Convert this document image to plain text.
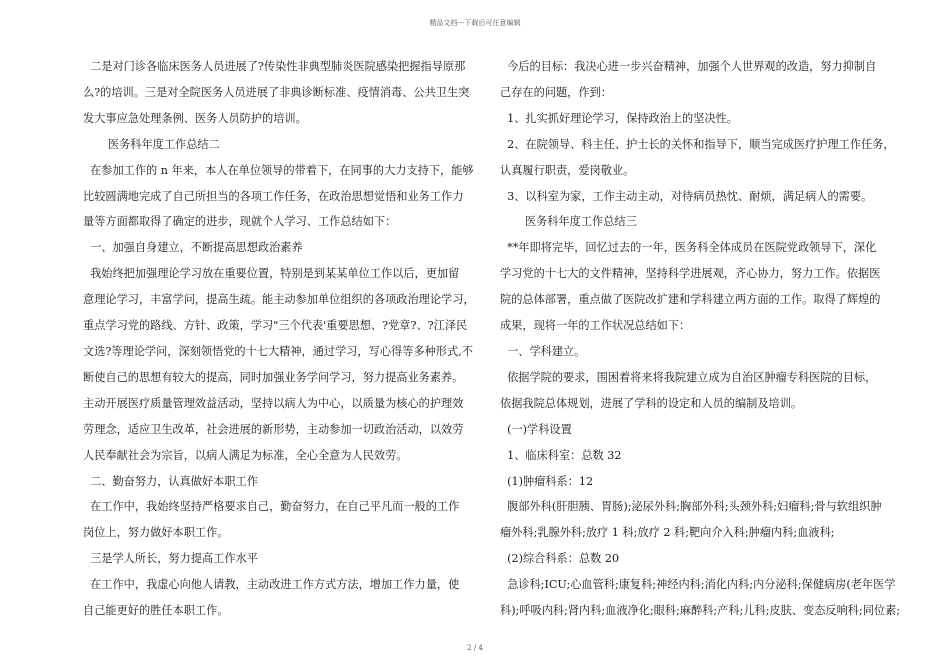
精品文档---下载后可任意编辑

二是对门诊各临床医务人员进展了?传染性非典型肺炎医院感染把握指导原那

么?的培训。三是对全院医务人员进展了非典诊断标准、疫情消毒、公共卫生突

发大事应急处理条例、医务人员防护的培训。

医务科年度工作总结二

在参加工作的 n 年来，本人在单位领导的带着下，在同事的大力支持下，能够

比较圆满地完成了自己所担当的各项工作任务，在政治思想觉悟和业务工作力

量等方面都取得了确定的进步，现就个人学习、工作总结如下：

一、加强自身建立，不断提高思想政治素养

我始终把加强理论学习放在重要位置，特别是到某某单位工作以后，更加留

意理论学习，丰富学问，提高生疏。能主动参加单位组织的各项政治理论学习，

重点学习党的路线、方针、政策，学习"三个代表'重要思想、?党章?、?江泽民

文选?等理论学问，深刻领悟党的十七大精神，通过学习，写心得等多种形式,不

断使自己的思想有较大的提高，同时加强业务学问学习，努力提高业务素养。

主动开展医疗质量管理效益活动，坚持以病人为中心，以质量为核心的护理效

劳理念，适应卫生改革，社会进展的新形势，主动参加一切政治活动，以效劳

人民奉献社会为宗旨，以病人满足为标准，全心全意为人民效劳。

二、勤奋努力，认真做好本职工作

在工作中，我始终坚持严格要求自己，勤奋努力，在自己平凡而一般的工作

岗位上，努力做好本职工作。

三是学人所长，努力提高工作水平

在工作中，我虚心向他人请教，主动改进工作方式方法，增加工作力量，使

自己能更好的胜任本职工作。

今后的目标：我决心进一步兴奋精神，加强个人世界观的改造，努力抑制自

己存在的问题，作到：

1、扎实抓好理论学习，保持政治上的坚决性。

2、在院领导、科主任、护士长的关怀和指导下，顺当完成医疗护理工作任务，

认真履行职责，爱岗敬业。

3、以科室为家，工作主动主动，对待病员热忱、耐烦，满足病人的需要。

医务科年度工作总结三

**年即将完毕，回忆过去的一年，医务科全体成员在医院党政领导下，深化

学习党的十七大的文件精神，坚持科学进展观，齐心协力，努力工作。依据医

院的总体部署，重点做了医院改扩建和学科建立两方面的工作。取得了辉煌的

成果，现将一年的工作状况总结如下：

一、学科建立。

依据学院的要求，围困着将来将我院建立成为自治区肿瘤专科医院的目标，

依据我院总体规划，进展了学科的设定和人员的编制及培训。

(一)学科设置

1、临床科室：总数 32

(1)肿瘤科系：12

腹部外科(肝胆胰、胃肠);泌尿外科;胸部外科;头颈外科;妇瘤科;骨与软组织肿

瘤外科;乳腺外科;放疗 1 科;放疗 2 科;靶向介入科;肿瘤内科;血液科;

(2)综合科系：总数 20

急诊科;ICU;心血管科;康复科;神经内科;消化内科;内分泌科;保健病房(老年医学

科);呼吸内科;肾内科;血液净化;眼科;麻醉科;产科;儿科;皮肤、变态反响科;同位素;

2 / 4
